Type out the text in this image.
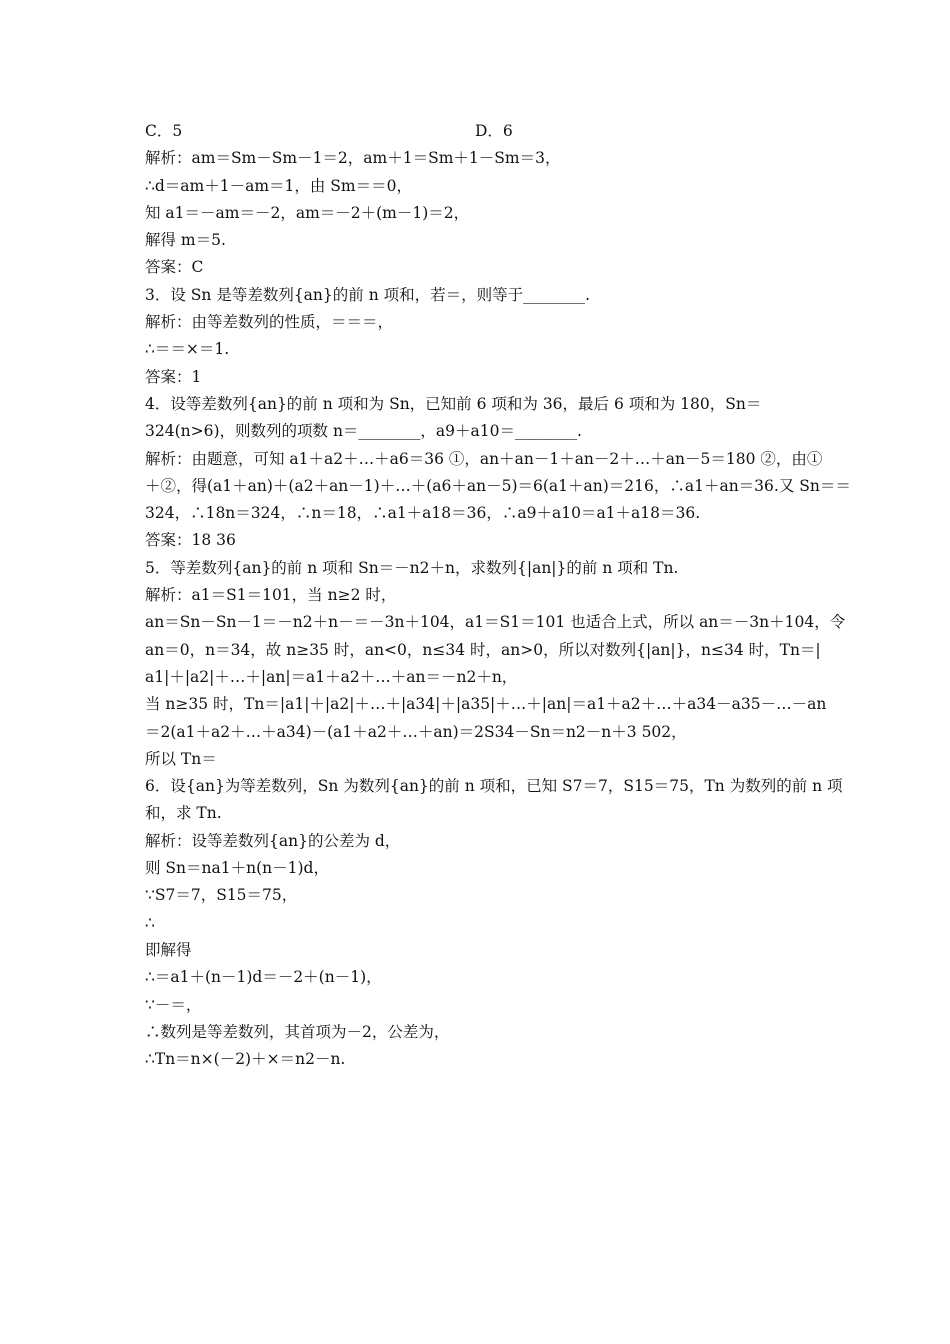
C．5	D．6
解析：am＝Sm－Sm－1＝2，am＋1＝Sm＋1－Sm＝3，
∴d＝am＋1－am＝1，由 Sm＝＝0，
知 a1＝－am＝－2，am＝－2＋(m－1)＝2，
解得 m＝5.
答案：C
3．设 Sn 是等差数列{an}的前 n 项和，若＝，则等于________.
解析：由等差数列的性质，＝＝＝，
∴＝＝×＝1.
答案：1
4．设等差数列{an}的前 n 项和为 Sn，已知前 6 项和为 36，最后 6 项和为 180，Sn＝
324(n>6)，则数列的项数 n＝________，a9＋a10＝________.
解析：由题意，可知 a1＋a2＋…＋a6＝36 ①，an＋an－1＋an－2＋…＋an－5＝180 ②，由①
＋②，得(a1＋an)＋(a2＋an－1)＋…＋(a6＋an－5)＝6(a1＋an)＝216，∴a1＋an＝36.又 Sn＝＝
324，∴18n＝324，∴n＝18，∴a1＋a18＝36，∴a9＋a10＝a1＋a18＝36.
答案：18 36
5．等差数列{an}的前 n 项和 Sn＝－n2＋n，求数列{|an|}的前 n 项和 Tn.
解析：a1＝S1＝101，当 n≥2 时，
an＝Sn－Sn－1＝－n2＋n－＝－3n＋104，a1＝S1＝101 也适合上式，所以 an＝－3n＋104，令
an＝0，n＝34，故 n≥35 时，an<0，n≤34 时，an>0，所以对数列{|an|}，n≤34 时，Tn＝|
a1|＋|a2|＋…＋|an|＝a1＋a2＋…＋an＝－n2＋n，
当 n≥35 时，Tn＝|a1|＋|a2|＋…＋|a34|＋|a35|＋…＋|an|＝a1＋a2＋…＋a34－a35－…－an
＝2(a1＋a2＋…＋a34)－(a1＋a2＋…＋an)＝2S34－Sn＝n2－n＋3 502，
所以 Tn＝
6．设{an}为等差数列，Sn 为数列{an}的前 n 项和，已知 S7＝7，S15＝75，Tn 为数列的前 n 项
和，求 Tn.
解析：设等差数列{an}的公差为 d，
则 Sn＝na1＋n(n－1)d，
∵S7＝7，S15＝75，
∴
即解得
∴＝a1＋(n－1)d＝－2＋(n－1)，
∵－＝，
∴数列是等差数列，其首项为－2，公差为，
∴Tn＝n×(－2)＋×＝n2－n.
